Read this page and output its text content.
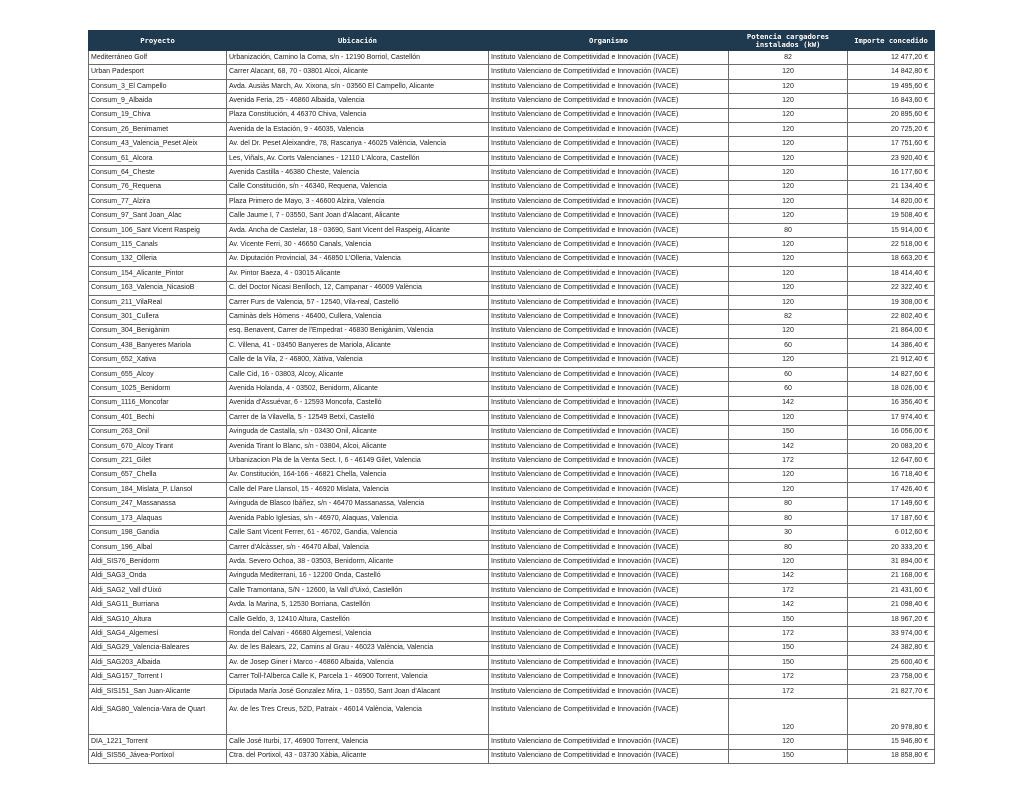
Proyecto	Ubicación	Organismo	Potencia cargadores instalados (kW)	Importe concedido
Mediterráneo Golf	Urbanización, Camino la Coma, s/n - 12190 Borriol, Castellón	Instituto Valenciano de Competitividad e Innovación (IVACE)	82	12 477,20 €
Urban Padesport	Carrer Alacant, 68, 70 - 03801 Alcoi, Alicante	Instituto Valenciano de Competitividad e Innovación (IVACE)	120	14 842,80 €
Consum_3_El Campello	Avda. Ausiàs March, Av. Xixona, s/n - 03560 El Campello, Alicante	Instituto Valenciano de Competitividad e Innovación (IVACE)	120	19 495,60 €
Consum_9_Albaida	Avenida Feria, 25 - 46860 Albaida, Valencia	Instituto Valenciano de Competitividad e Innovación (IVACE)	120	16 843,60 €
Consum_19_Chiva	Plaza Constitución, 4 46370 Chiva, Valencia	Instituto Valenciano de Competitividad e Innovación (IVACE)	120	20 895,60 €
Consum_26_Benimamet	Avenida de la Estación, 9 - 46035, Valencia	Instituto Valenciano de Competitividad e Innovación (IVACE)	120	20 725,20 €
Consum_43_Valencia_Peset Aleix	Av. del Dr. Peset Aleixandre, 78, Rascanya - 46025 València, Valencia	Instituto Valenciano de Competitividad e Innovación (IVACE)	120	17 751,60 €
Consum_61_Alcora	Les, Viñals, Av. Corts Valencianes - 12110 L'Alcora, Castellón	Instituto Valenciano de Competitividad e Innovación (IVACE)	120	23 920,40 €
Consum_64_Cheste	Avenida Castilla - 46380 Cheste, Valencia	Instituto Valenciano de Competitividad e Innovación (IVACE)	120	16 177,60 €
Consum_76_Requena	Calle Constitución, s/n - 46340, Requena, Valencia	Instituto Valenciano de Competitividad e Innovación (IVACE)	120	21 134,40 €
Consum_77_Alzira	Plaza Primero de Mayo, 3 - 46600 Alzira, Valencia	Instituto Valenciano de Competitividad e Innovación (IVACE)	120	14 820,00 €
Consum_97_Sant Joan_Alac	Calle Jaume I, 7 - 03550, Sant Joan d'Alacant, Alicante	Instituto Valenciano de Competitividad e Innovación (IVACE)	120	19 508,40 €
Consum_106_Sant Vicent Raspeig	Avda. Ancha de Castelar, 18 - 03690, Sant Vicent del Raspeig, Alicante	Instituto Valenciano de Competitividad e Innovación (IVACE)	80	15 914,00 €
Consum_115_Canals	Av. Vicente Ferri, 30 - 46650 Canals, Valencia	Instituto Valenciano de Competitividad e Innovación (IVACE)	120	22 518,00 €
Consum_132_Olleria	Av. Diputación Provincial, 34 - 46850 L'Olleria, Valencia	Instituto Valenciano de Competitividad e Innovación (IVACE)	120	18 663,20 €
Consum_154_Alicante_Pintor	Av. Pintor Baeza, 4 - 03015 Alicante	Instituto Valenciano de Competitividad e Innovación (IVACE)	120	18 414,40 €
Consum_163_Valencia_NicasioB	C. del Doctor Nicasi Benlloch, 12, Campanar - 46009 València	Instituto Valenciano de Competitividad e Innovación (IVACE)	120	22 322,40 €
Consum_211_VilaReal	Carrer Furs de Valencia, 57 - 12540, Vila-real, Castelló	Instituto Valenciano de Competitividad e Innovación (IVACE)	120	19 308,00 €
Consum_301_Cullera	Caminàs dels Hòmens - 46400, Cullera, Valencia	Instituto Valenciano de Competitividad e Innovación (IVACE)	82	22 802,40 €
Consum_304_Benigànim	esq. Benavent, Carrer de l'Empedrat - 46830 Benigànim, Valencia	Instituto Valenciano de Competitividad e Innovación (IVACE)	120	21 864,00 €
Consum_438_Banyeres Mariola	C. Villena, 41 - 03450 Banyeres de Mariola, Alicante	Instituto Valenciano de Competitividad e Innovación (IVACE)	60	14 386,40 €
Consum_652_Xativa	Calle de la Vila, 2 - 46800, Xàtiva, Valencia	Instituto Valenciano de Competitividad e Innovación (IVACE)	120	21 912,40 €
Consum_655_Alcoy	Calle Cid, 16 - 03803, Alcoy, Alicante	Instituto Valenciano de Competitividad e Innovación (IVACE)	60	14 827,60 €
Consum_1025_Benidorm	Avenida Holanda, 4 - 03502, Benidorm, Alicante	Instituto Valenciano de Competitividad e Innovación (IVACE)	60	18 026,00 €
Consum_1116_Moncofar	Avenida d'Assuévar, 6 - 12593 Moncofa, Castelló	Instituto Valenciano de Competitividad e Innovación (IVACE)	142	16 356,40 €
Consum_401_Bechi	Carrer de la Vilavella, 5 - 12549 Betxí, Castelló	Instituto Valenciano de Competitividad e Innovación (IVACE)	120	17 974,40 €
Consum_263_Onil	Avinguda de Castalla, s/n - 03430 Onil, Alicante	Instituto Valenciano de Competitividad e Innovación (IVACE)	150	16 056,00 €
Consum_670_Alcoy Tirant	Avenida Tirant lo Blanc, s/n - 03804, Alcoi, Alicante	Instituto Valenciano de Competitividad e Innovación (IVACE)	142	20 083,20 €
Consum_221_Gilet	Urbanizacion Pla de la Venta Sect. I, 6 - 46149 Gilet, Valencia	Instituto Valenciano de Competitividad e Innovación (IVACE)	172	12 647,60 €
Consum_657_Chella	Av. Constitución, 164-166 - 46821 Chella, Valencia	Instituto Valenciano de Competitividad e Innovación (IVACE)	120	16 718,40 €
Consum_184_Mislata_P. Llansol	Calle del Pare Llansol, 15 - 46920 Mislata, Valencia	Instituto Valenciano de Competitividad e Innovación (IVACE)	120	17 426,40 €
Consum_247_Massanassa	Avinguda de Blasco Ibáñez, s/n - 46470 Massanassa, Valencia	Instituto Valenciano de Competitividad e Innovación (IVACE)	80	17 149,60 €
Consum_173_Alaquas	Avenida Pablo Iglesias, s/n - 46970, Alaquas, Valencia	Instituto Valenciano de Competitividad e Innovación (IVACE)	80	17 187,60 €
Consum_198_Gandia	Calle Sant Vicent Ferrer, 61 - 46702, Gandia, Valencia	Instituto Valenciano de Competitividad e Innovación (IVACE)	30	6 012,60 €
Consum_196_Albal	Carrer d'Alcàsser, s/n - 46470 Albal, Valencia	Instituto Valenciano de Competitividad e Innovación (IVACE)	80	20 333,20 €
Aldi_SIS76_Benidorm	Avda. Severo Ochoa, 38 - 03503, Benidorm, Alicante	Instituto Valenciano de Competitividad e Innovación (IVACE)	120	31 894,00 €
Aldi_SAG3_Onda	Avinguda Mediterrani, 16 - 12200 Onda, Castelló	Instituto Valenciano de Competitividad e Innovación (IVACE)	142	21 168,00 €
Aldi_SAG2_Vall d'Uixó	Calle Tramontana, S/N - 12600, la Vall d'Uixó, Castellón	Instituto Valenciano de Competitividad e Innovación (IVACE)	172	21 431,60 €
Aldi_SAG11_Burriana	Avda. la Marina, 5, 12530 Borriana, Castellón	Instituto Valenciano de Competitividad e Innovación (IVACE)	142	21 098,40 €
Aldi_SAG10_Altura	Calle Geldo, 3, 12410 Altura, Castellón	Instituto Valenciano de Competitividad e Innovación (IVACE)	150	18 967,20 €
Aldi_SAG4_Algemesí	Ronda del Calvari - 46680 Algemesí, Valencia	Instituto Valenciano de Competitividad e Innovación (IVACE)	172	33 974,00 €
Aldi_SAG29_Valencia-Baleares	Av. de les Balears, 22, Camins al Grau - 46023 València, Valencia	Instituto Valenciano de Competitividad e Innovación (IVACE)	150	24 382,80 €
Aldi_SAG203_Albaida	Av. de Josep Giner i Marco - 46860 Albaida, Valencia	Instituto Valenciano de Competitividad e Innovación (IVACE)	150	25 600,40 €
Aldi_SAG157_Torrent I	Carrer Toll-l'Alberca Calle K, Parcela 1 - 46900 Torrent, Valencia	Instituto Valenciano de Competitividad e Innovación (IVACE)	172	23 758,00 €
Aldi_SIS151_San Juan-Alicante	Diputada María José Gonzalez Mira, 1 - 03550, Sant Joan d'Alacant	Instituto Valenciano de Competitividad e Innovación (IVACE)	172	21 827,70 €
Aldi_SAG80_Valencia-Vara de Quart	Av. de les Tres Creus, 52D, Patraix - 46014 València, Valencia	Instituto Valenciano de Competitividad e Innovación (IVACE)	120	20 978,80 €
DIA_1221_Torrent	Calle José Iturbi, 17, 46900 Torrent, Valencia	Instituto Valenciano de Competitividad e Innovación (IVACE)	120	15 946,80 €
Aldi_SIS56_Jávea-Portixol	Ctra. del Portixol, 43 - 03730 Xàbia, Alicante	Instituto Valenciano de Competitividad e Innovación (IVACE)	150	18 858,80 €
